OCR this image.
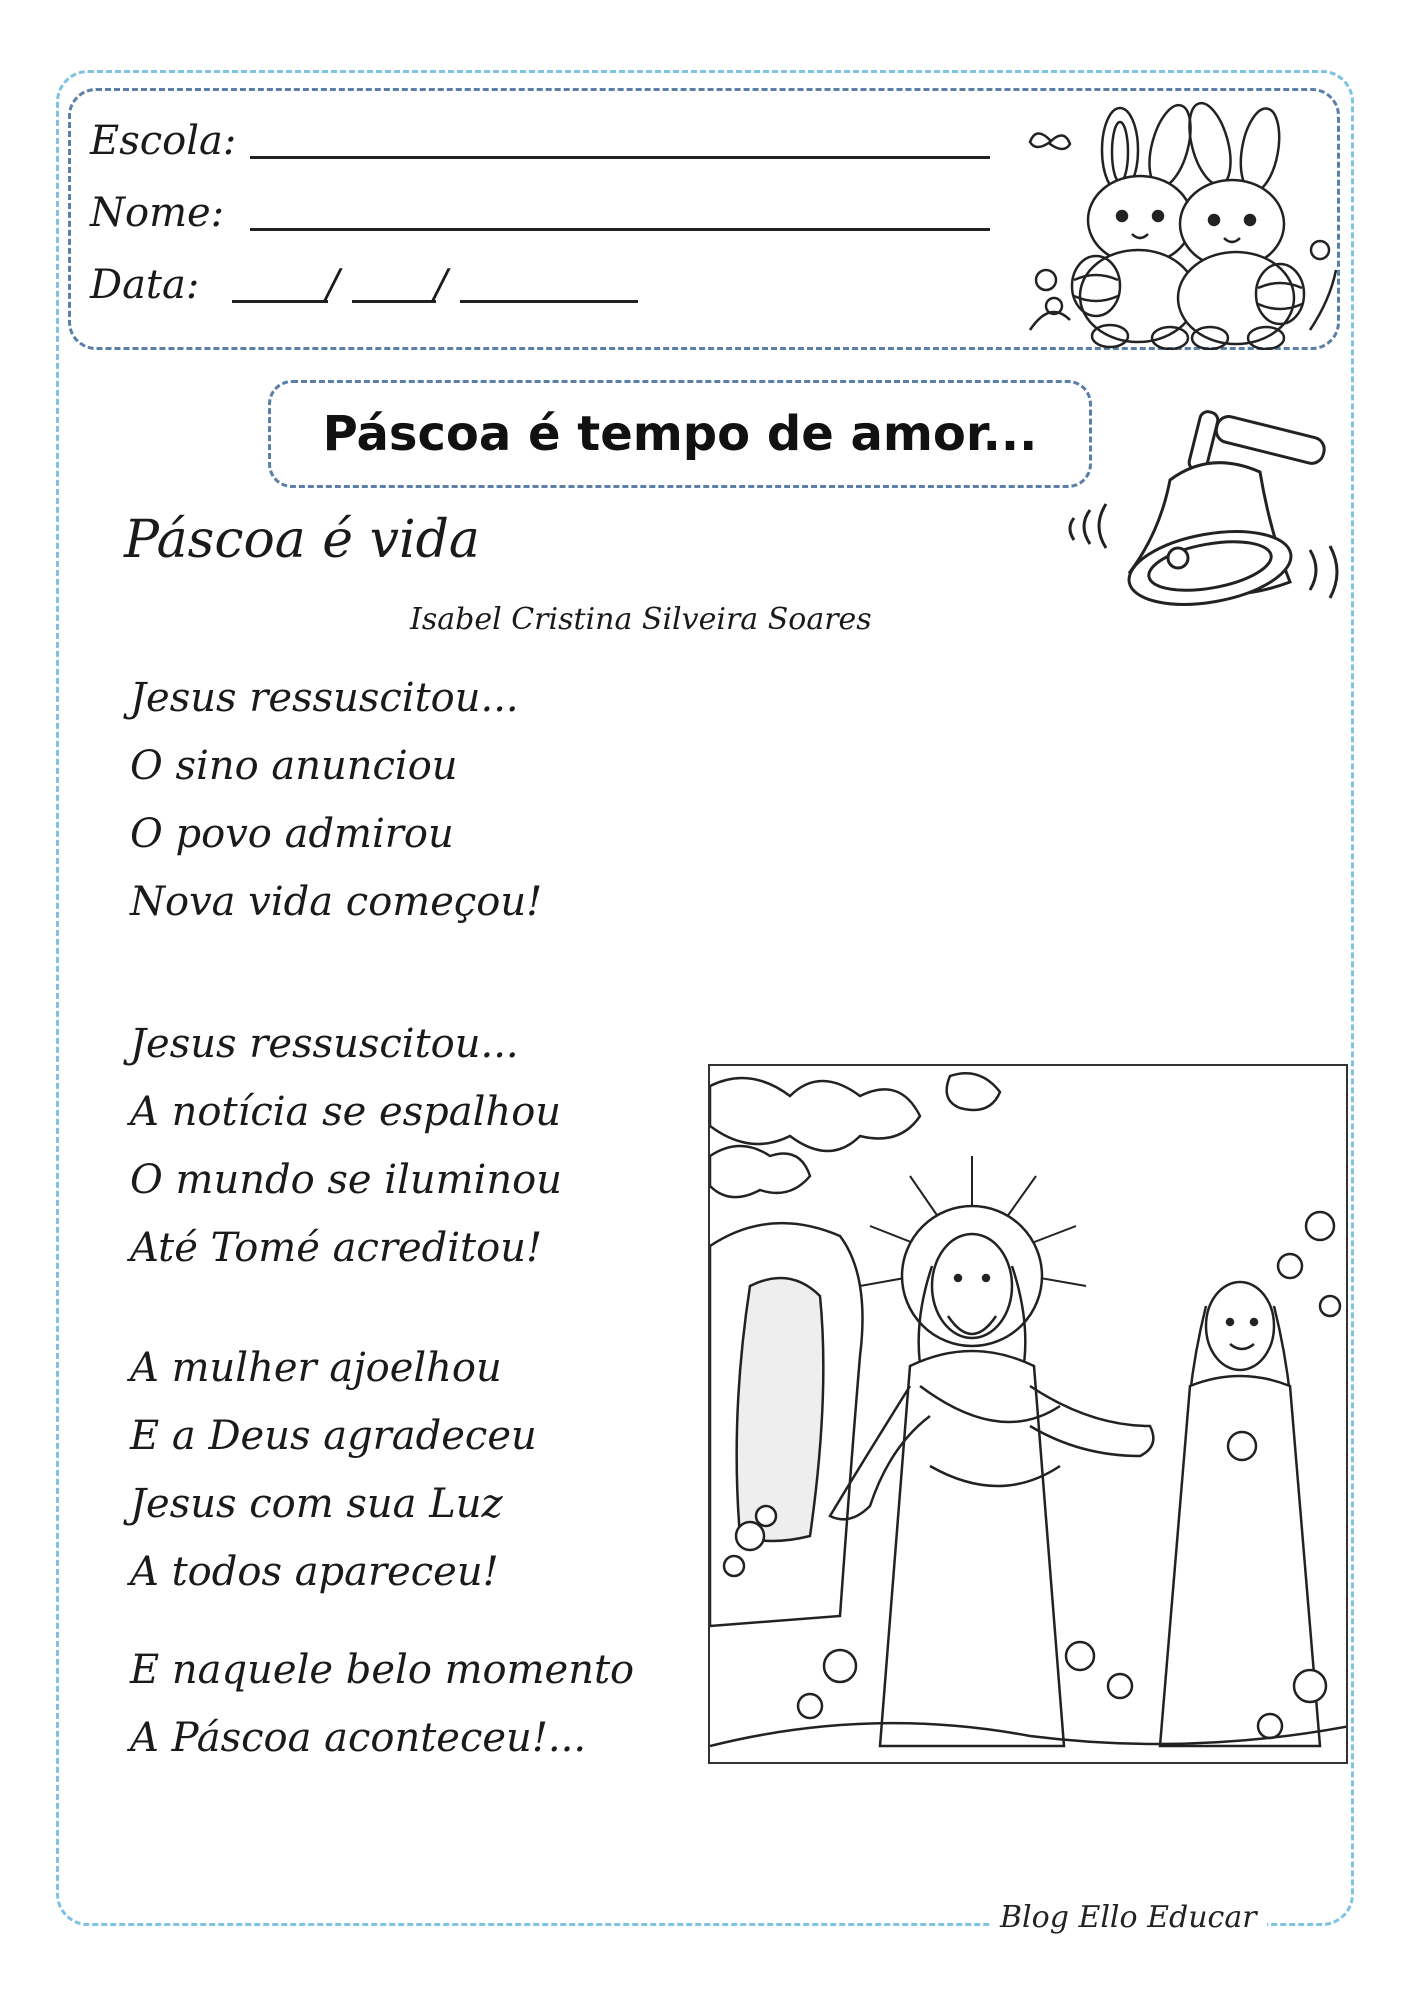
Escola:
Nome:
Data:	/ /
Páscoa é tempo de amor...
Páscoa é vida
Isabel Cristina Silveira Soares
Jesus ressuscitou...
O sino anunciou
O povo admirou
Nova vida começou!
Jesus ressuscitou...
A notícia se espalhou
O mundo se iluminou
Até Tomé acreditou!
A mulher ajoelhou
E a Deus agradeceu
Jesus com sua Luz
A todos apareceu!
E naquele belo momento
A Páscoa aconteceu!...
Blog Ello Educar
